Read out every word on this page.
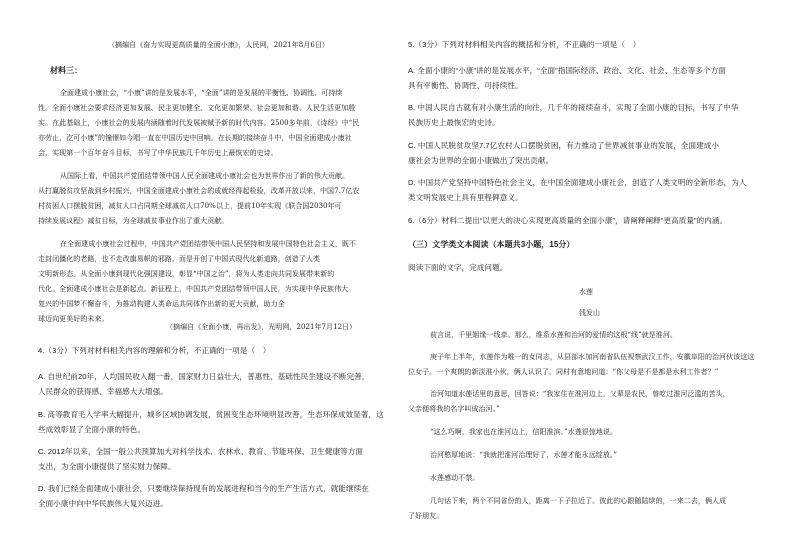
（摘编自《奋力实现更高质量的全面小康》，人民网，2021年8月6日）
材料三：
全面建成小康社会，“小康”讲的是发展水平，“全面”讲的是发展的平衡性、协调性、可持续
性。全面小康社会要求经济更加发展、民主更加健全、文化更加繁荣、社会更加和谐、人民生活更加殷
实。在此基础上，小康社会的发展内涵随着时代发展被赋予新的时代内容。2500多年前，《诗经》中“民
亦劳止，汔可小康”的憧憬如今唱一直在中国历史中回响。在长期的接续奋斗中，中国全面建成小康社
会，实现第一个百年奋斗目标，书写了中华民族几千年历史上最恢宏的史诗。
从国际上看，中国共产党团结带领中国人民全面建成小康社会也为世界作出了新的伟大贡献。
从打赢脱贫攻坚战到乡村振兴，中国全面建成小康社会的成就经得起检验，改革开放以来，中国7.7亿农
村贫困人口摆脱贫困，减贫人口占同期全球减贫人口70%以上，提前10年实现《联合国2030年可
持续发展议程》减贫目标，为全球减贫事业作出了重大贡献。
在全面建成小康社会过程中，中国共产党团结带领中国人民坚持和发展中国特色社会主义，既不
走封闭僵化的老路，也不走改旗易帜的邪路，而是开创了中国式现代化新道路，创造了人类
文明新形态。从全面小康到现代化强国建设，彰显“中国之治”，将为人类走向共同发展带来新的
代化。全面建成小康社会是新起点。新征程上，中国共产党团结带领中国人民，为实现中华民族伟大
复兴的中国梦不懈奋斗，为推动构建人类命运共同体作出新的更大贡献，助力全
球迈向更美好的未来。
（摘编自《全面小康，再出发》，光明网，2021年7月12日）
4.（3分）下列对材料相关内容的理解和分析，不正确的一项是（　）
A. 自世纪前20年，人均国民收入翻一番，国家财力日益壮大，普惠性、基础性民生建设不断完善，
人民群众的获得感、幸福感大大增强。
B. 高等教育毛入学率大幅提升，城乡区域协调发展，贫困变生态环境明显改善，生态环保成效显著，这
些成效彰显了全面小康的特色。
C. 2012年以来，全国一般公共预算加大对科学技术、农林水、教育、节能环保、卫生健康等方面
支出，为全面小康提供了坚实财力保障。
D. 我们已经全面建成小康社会，只要继续保持现有的发展进程和当今的生产生活方式，就能继续在
全面小康中向中华民族伟大复兴迈进。
5.（3分）下列对材料相关内容的概括和分析，不正确的一项是（　）
A. 全面小康的“小康”讲的是发展水平，“全面”指国际经济、政治、文化、社会、生态等多个方面
具有平衡性、协调性、可持续性。
B. 中国人民自古就有对小康生活的向往，几千年的接续奋斗，实现了全面小康的目标，书写了中华
民族历史上最恢宏的史诗。
C. 中国人民脱贫攻坚7.7亿农村人口摆脱贫困，有力推动了世界减贫事业的发展，全面建成小
康社会为世界的全面小康做出了突出贡献。
D. 中国共产党坚持中国特色社会主义，在中国全面建成小康社会，创造了人类文明的全新形态，为人
类文明发展史上具有里程碑意义。
6.（6分）材料二提出“以更大的决心实现更高质量的全面小康”，请阐释阐释“更高质量”的内涵。
（三）文学类文本阅读（本题共3小题，15分）
阅读下面的文字，完成问题。
水莲
　钱发山
前言说，千里姻缘一线牵。那么，维系水莲和治河的爱情的这根“线”就是淮河。
庚子年上半年，水莲作为唯一的女同志，从县部水加河南省队伍视察武汉工作，安徽阜阳的治河伙该这这
位女子。一个爽朗的新淡淮小伙，俩人认识了。同村有意地问道：“你父母是不是都是水利工作者？”
治河知道水莲话里的意思，回答说：“我家住在淮河边上，父辈是农民，曾吃过淮河泛滥的苦头，
父亲便将我的名字叫成治河。”
“这么巧啊，我家也在淮河边上，信阳淮滨。”水莲很惊地说。
治河憨厚地说：“我就把淮河治理好了，水莲才能永远绽放。”
水莲感动不禁。
几句话下来，两个不同省份的人，距离一下子拉近了。彼此的心跟随陆续的，一来二去，俩人成
了好朋友。
